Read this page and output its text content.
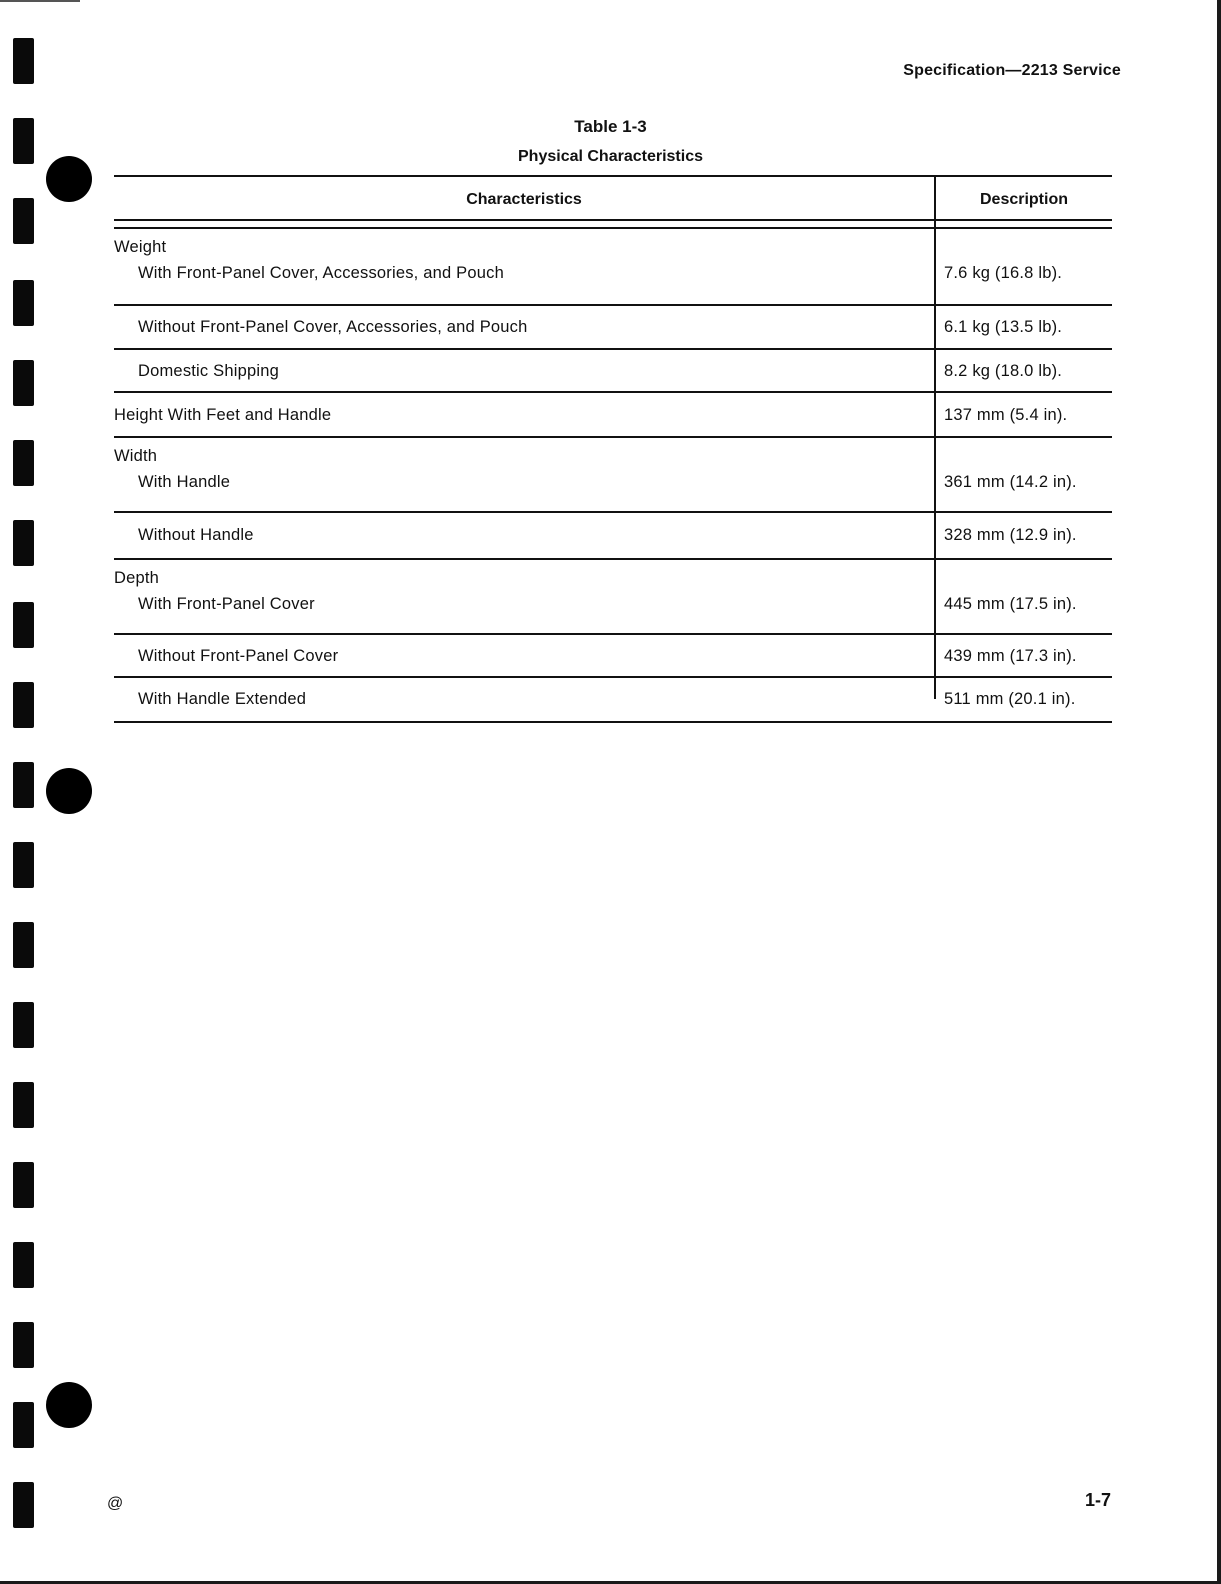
Specification—2213 Service
Table 1-3
Physical Characteristics
Characteristics	Description
Weight
With Front-Panel Cover, Accessories, and Pouch	7.6 kg (16.8 lb).
Without Front-Panel Cover, Accessories, and Pouch	6.1 kg (13.5 lb).
Domestic Shipping	8.2 kg (18.0 lb).
Height With Feet and Handle	137 mm (5.4 in).
Width
With Handle	361 mm (14.2 in).
Without Handle	328 mm (12.9 in).
Depth
With Front-Panel Cover	445 mm (17.5 in).
Without Front-Panel Cover	439 mm (17.3 in).
With Handle Extended	511 mm (20.1 in).
@	1-7
